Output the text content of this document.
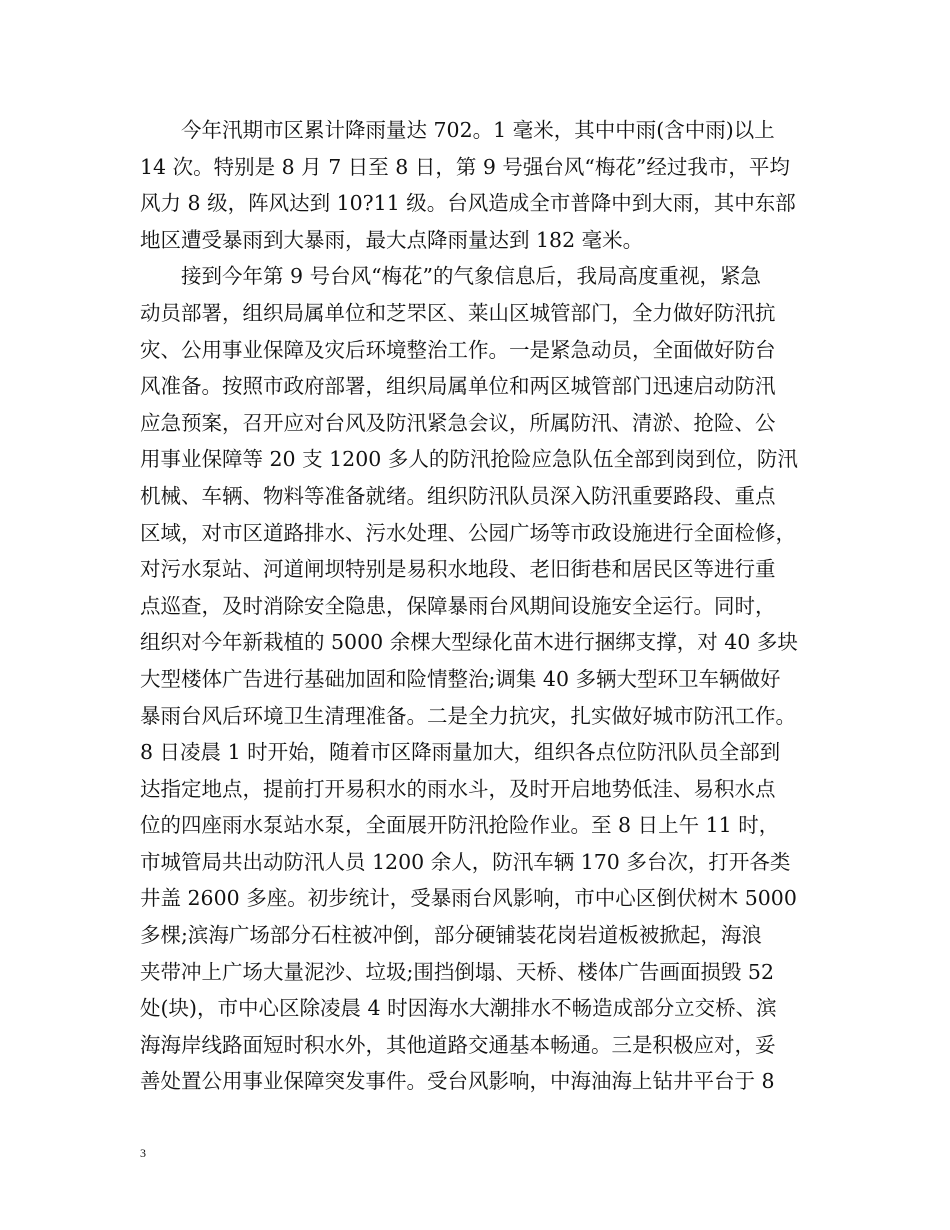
　　今年汛期市区累计降雨量达 702。1 毫米，其中中雨(含中雨)以上
14 次。特别是 8 月 7 日至 8 日，第 9 号强台风“梅花”经过我市，平均
风力 8 级，阵风达到 10?11 级。台风造成全市普降中到大雨，其中东部
地区遭受暴雨到大暴雨，最大点降雨量达到 182 毫米。
　　接到今年第 9 号台风“梅花”的气象信息后，我局高度重视，紧急
动员部署，组织局属单位和芝罘区、莱山区城管部门，全力做好防汛抗
灾、公用事业保障及灾后环境整治工作。一是紧急动员，全面做好防台
风准备。按照市政府部署，组织局属单位和两区城管部门迅速启动防汛
应急预案，召开应对台风及防汛紧急会议，所属防汛、清淤、抢险、公
用事业保障等 20 支 1200 多人的防汛抢险应急队伍全部到岗到位，防汛
机械、车辆、物料等准备就绪。组织防汛队员深入防汛重要路段、重点
区域，对市区道路排水、污水处理、公园广场等市政设施进行全面检修，
对污水泵站、河道闸坝特别是易积水地段、老旧街巷和居民区等进行重
点巡查，及时消除安全隐患，保障暴雨台风期间设施安全运行。同时，
组织对今年新栽植的 5000 余棵大型绿化苗木进行捆绑支撑，对 40 多块
大型楼体广告进行基础加固和险情整治;调集 40 多辆大型环卫车辆做好
暴雨台风后环境卫生清理准备。二是全力抗灾，扎实做好城市防汛工作。
8 日凌晨 1 时开始，随着市区降雨量加大，组织各点位防汛队员全部到
达指定地点，提前打开易积水的雨水斗，及时开启地势低洼、易积水点
位的四座雨水泵站水泵，全面展开防汛抢险作业。至 8 日上午 11 时，
市城管局共出动防汛人员 1200 余人，防汛车辆 170 多台次，打开各类
井盖 2600 多座。初步统计，受暴雨台风影响，市中心区倒伏树木 5000
多棵;滨海广场部分石柱被冲倒，部分硬铺装花岗岩道板被掀起，海浪
夹带冲上广场大量泥沙、垃圾;围挡倒塌、天桥、楼体广告画面损毁 52
处(块)，市中心区除凌晨 4 时因海水大潮排水不畅造成部分立交桥、滨
海海岸线路面短时积水外，其他道路交通基本畅通。三是积极应对，妥
善处置公用事业保障突发事件。受台风影响，中海油海上钻井平台于 8
3
